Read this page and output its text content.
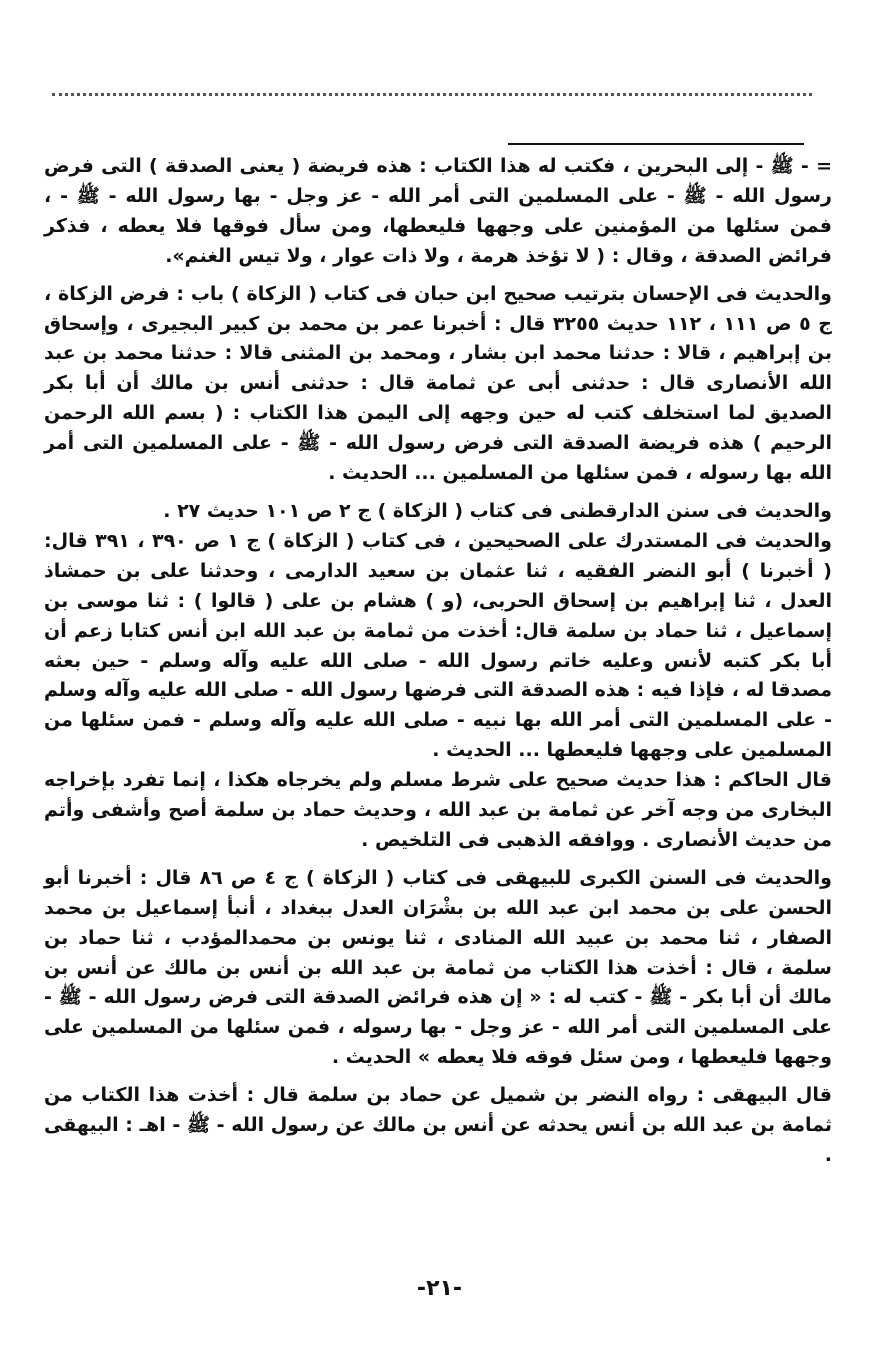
= - ﷺ - إلى البحرين ، فكتب له هذا الكتاب : هذه فريضة ( يعنى الصدقة ) التى فرض رسول الله - ﷺ - على المسلمين التى أمر الله - عز وجل - بها رسول الله - ﷺ - ، فمن سئلها من المؤمنين على وجهها فليعطها، ومن سأل فوقها فلا يعطه ، فذكر فرائض الصدقة ، وقال : ( لا تؤخذ هرمة ، ولا ذات عوار ، ولا تيس الغنم».

والحديث فى الإحسان بترتيب صحيح ابن حبان فى كتاب ( الزكاة ) باب : فرض الزكاة ، ج ٥ ص ١١١ ، ١١٢ حديث ٣٢٥٥ قال : أخبرنا عمر بن محمد بن كبير البجيرى ، وإسحاق بن إبراهيم ، قالا : حدثنا محمد ابن بشار ، ومحمد بن المثنى قالا : حدثنا محمد بن عبد الله الأنصارى قال : حدثنى أبى عن ثمامة قال : حدثنى أنس بن مالك أن أبا بكر الصديق لما استخلف كتب له حين وجهه إلى اليمن هذا الكتاب : ( بسم الله الرحمن الرحيم ) هذه فريضة الصدقة التى فرض رسول الله - ﷺ - على المسلمين التى أمر الله بها رسوله ، فمن سئلها من المسلمين ... الحديث .

والحديث فى سنن الدارقطنى فى كتاب ( الزكاة ) ج ٢ ص ١٠١ حديث ٢٧ .

والحديث فى المستدرك على الصحيحين ، فى كتاب ( الزكاة ) ج ١ ص ٣٩٠ ، ٣٩١ قال: ( أخبرنا ) أبو النضر الفقيه ، ثنا عثمان بن سعيد الدارمى ، وحدثنا على بن حمشاذ العدل ، ثنا إبراهيم بن إسحاق الحربى، (و ) هشام بن على ( قالوا ) : ثنا موسى بن إسماعيل ، ثنا حماد بن سلمة قال: أخذت من ثمامة بن عبد الله ابن أنس كتابا زعم أن أبا بكر كتبه لأنس وعليه خاتم رسول الله - صلى الله عليه وآله وسلم - حين بعثه مصدقا له ، فإذا فيه : هذه الصدقة التى فرضها رسول الله - صلى الله عليه وآله وسلم - على المسلمين التى أمر الله بها نبيه - صلى الله عليه وآله وسلم - فمن سئلها من المسلمين على وجهها فليعطها ... الحديث .

قال الحاكم : هذا حديث صحيح على شرط مسلم ولم يخرجاه هكذا ، إنما تفرد بإخراجه البخارى من وجه آخر عن ثمامة بن عبد الله ، وحديث حماد بن سلمة أصح وأشفى وأتم من حديث الأنصارى . ووافقه الذهبى فى التلخيص .

والحديث فى السنن الكبرى للبيهقى فى كتاب ( الزكاة ) ج ٤ ص ٨٦ قال : أخبرنا أبو الحسن على بن محمد ابن عبد الله بن بشْرَان العدل ببغداد ، أنبأ إسماعيل بن محمد الصفار ، ثنا محمد بن عبيد الله المنادى ، ثنا يونس بن محمدالمؤدب ، ثنا حماد بن سلمة ، قال : أخذت هذا الكتاب من ثمامة بن عبد الله بن أنس بن مالك عن أنس بن مالك أن أبا بكر - ﷺ - كتب له : « إن هذه فرائض الصدقة التى فرض رسول الله - ﷺ - على المسلمين التى أمر الله - عز وجل - بها رسوله ، فمن سئلها من المسلمين على وجهها فليعطها ، ومن سئل فوقه فلا يعطه » الحديث .

قال البيهقى : رواه النضر بن شميل عن حماد بن سلمة قال : أخذت هذا الكتاب من ثمامة بن عبد الله بن أنس يحدثه عن أنس بن مالك عن رسول الله - ﷺ - اهـ : البيهقى .

-٢١-
